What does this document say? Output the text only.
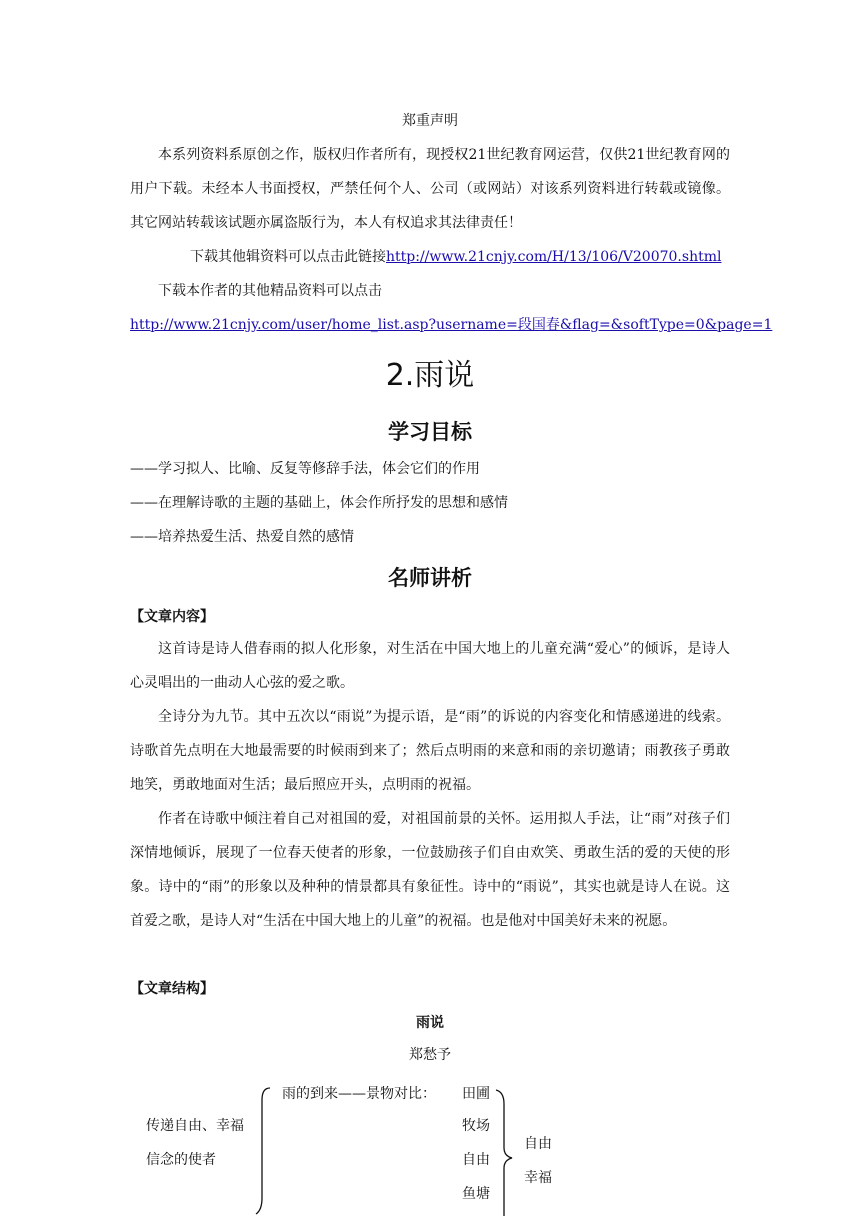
郑重声明
本系列资料系原创之作，版权归作者所有，现授权21世纪教育网运营，仅供21世纪教育网的用户下载。未经本人书面授权，严禁任何个人、公司（或网站）对该系列资料进行转载或镜像。其它网站转载该试题亦属盗版行为，本人有权追求其法律责任！
下载其他辑资料可以点击此链接http://www.21cnjy.com/H/13/106/V20070.shtml
下载本作者的其他精品资料可以点击
http://www.21cnjy.com/user/home_list.asp?username=段国春&flag=&softType=0&page=1
2.雨说
学习目标
——学习拟人、比喻、反复等修辞手法，体会它们的作用
——在理解诗歌的主题的基础上，体会作所抒发的思想和感情
——培养热爱生活、热爱自然的感情
名师讲析
【文章内容】
这首诗是诗人借春雨的拟人化形象，对生活在中国大地上的儿童充满“爱心”的倾诉，是诗人心灵唱出的一曲动人心弦的爱之歌。
全诗分为九节。其中五次以“雨说”为提示语，是“雨”的诉说的内容变化和情感递进的线索。诗歌首先点明在大地最需要的时候雨到来了；然后点明雨的来意和雨的亲切邀请；雨教孩子勇敢地笑，勇敢地面对生活；最后照应开头，点明雨的祝福。
作者在诗歌中倾注着自己对祖国的爱，对祖国前景的关怀。运用拟人手法，让“雨”对孩子们深情地倾诉，展现了一位春天使者的形象，一位鼓励孩子们自由欢笑、勇敢生活的爱的天使的形象。诗中的“雨”的形象以及种种的情景都具有象征性。诗中的“雨说”，其实也就是诗人在说。这首爱之歌，是诗人对“生活在中国大地上的儿童”的祝福。也是他对中国美好未来的祝愿。
【文章结构】
雨说
郑愁予
传递自由、幸福
信念的使者
雨的到来——景物对比： 田圃
牧场
自由
鱼塘
自由
幸福
